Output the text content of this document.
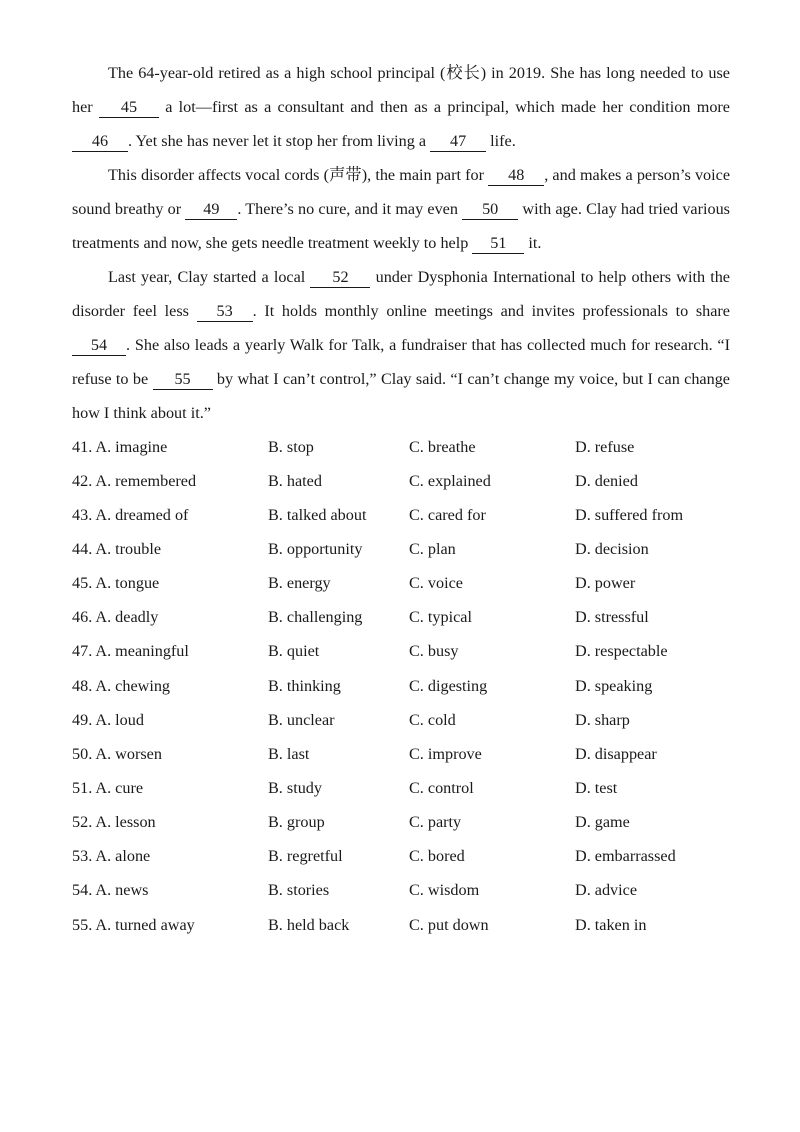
The 64-year-old retired as a high school principal (校长) in 2019. She has long needed to use her 45 a lot—first as a consultant and then as a principal, which made her condition more 46 . Yet she has never let it stop her from living a 47 life.

This disorder affects vocal cords (声带), the main part for 48 , and makes a person’s voice sound breathy or 49 . There’s no cure, and it may even 50 with age. Clay had tried various treatments and now, she gets needle treatment weekly to help 51 it.

Last year, Clay started a local 52 under Dysphonia International to help others with the disorder feel less 53 . It holds monthly online meetings and invites professionals to share 54 . She also leads a yearly Walk for Talk, a fundraiser that has collected much for research. “I refuse to be 55 by what I can’t control,” Clay said. “I can’t change my voice, but I can change how I think about it.”

41. A. imagine	B. stop	C. breathe	D. refuse
42. A. remembered	B. hated	C. explained	D. denied
43. A. dreamed of	B. talked about	C. cared for	D. suffered from
44. A. trouble	B. opportunity	C. plan	D. decision
45. A. tongue	B. energy	C. voice	D. power
46. A. deadly	B. challenging	C. typical	D. stressful
47. A. meaningful	B. quiet	C. busy	D. respectable
48. A. chewing	B. thinking	C. digesting	D. speaking
49. A. loud	B. unclear	C. cold	D. sharp
50. A. worsen	B. last	C. improve	D. disappear
51. A. cure	B. study	C. control	D. test
52. A. lesson	B. group	C. party	D. game
53. A. alone	B. regretful	C. bored	D. embarrassed
54. A. news	B. stories	C. wisdom	D. advice
55. A. turned away	B. held back	C. put down	D. taken in
